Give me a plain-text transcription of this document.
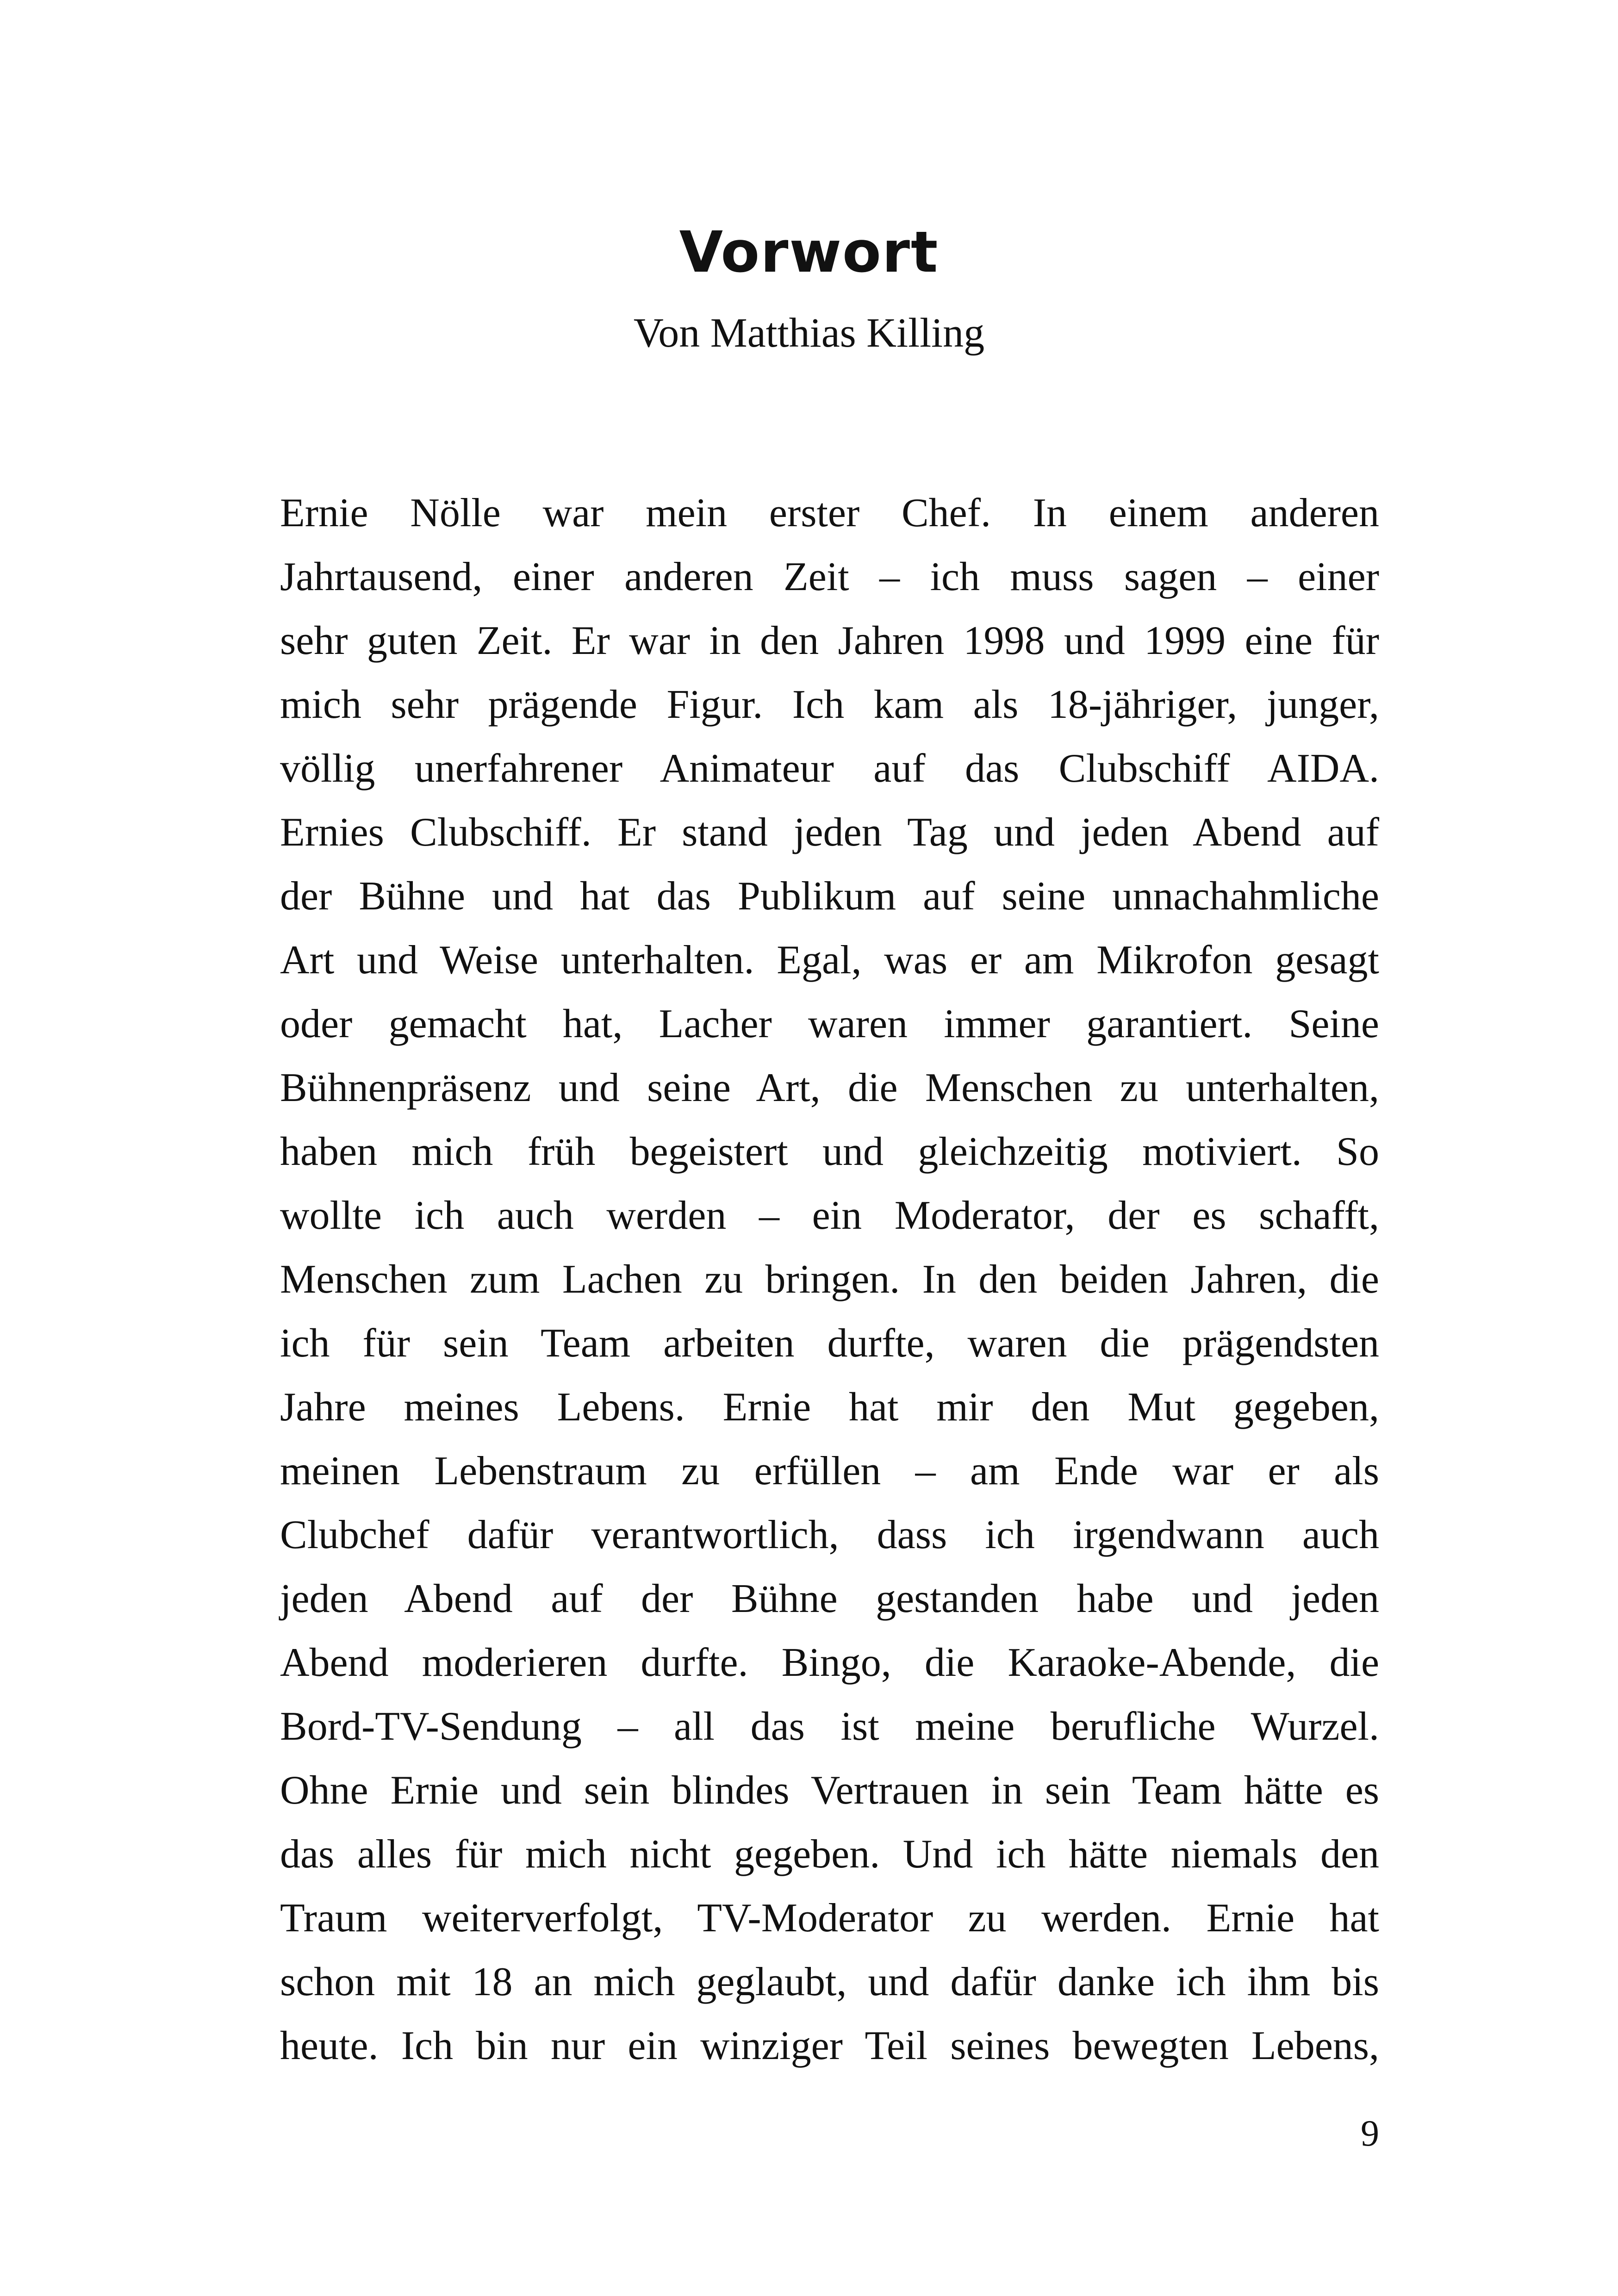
Vorwort

Von Matthias Killing

Ernie Nölle war mein erster Chef. In einem anderen
Jahrtausend, einer anderen Zeit – ich muss sagen – einer
sehr guten Zeit. Er war in den Jahren 1998 und 1999 eine für
mich sehr prägende Figur. Ich kam als 18-jähriger, junger,
völlig unerfahrener Animateur auf das Clubschiff AIDA.
Ernies Clubschiff. Er stand jeden Tag und jeden Abend auf
der Bühne und hat das Publikum auf seine unnachahmliche
Art und Weise unterhalten. Egal, was er am Mikrofon gesagt
oder gemacht hat, Lacher waren immer garantiert. Seine
Bühnenpräsenz und seine Art, die Menschen zu unterhalten,
haben mich früh begeistert und gleichzeitig motiviert. So
wollte ich auch werden – ein Moderator, der es schafft,
Menschen zum Lachen zu bringen. In den beiden Jahren, die
ich für sein Team arbeiten durfte, waren die prägendsten
Jahre meines Lebens. Ernie hat mir den Mut gegeben,
meinen Lebenstraum zu erfüllen – am Ende war er als
Clubchef dafür verantwortlich, dass ich irgendwann auch
jeden Abend auf der Bühne gestanden habe und jeden
Abend moderieren durfte. Bingo, die Karaoke-Abende, die
Bord-TV-Sendung – all das ist meine berufliche Wurzel.
Ohne Ernie und sein blindes Vertrauen in sein Team hätte es
das alles für mich nicht gegeben. Und ich hätte niemals den
Traum weiterverfolgt, TV-Moderator zu werden. Ernie hat
schon mit 18 an mich geglaubt, und dafür danke ich ihm bis
heute. Ich bin nur ein winziger Teil seines bewegten Lebens,
9
